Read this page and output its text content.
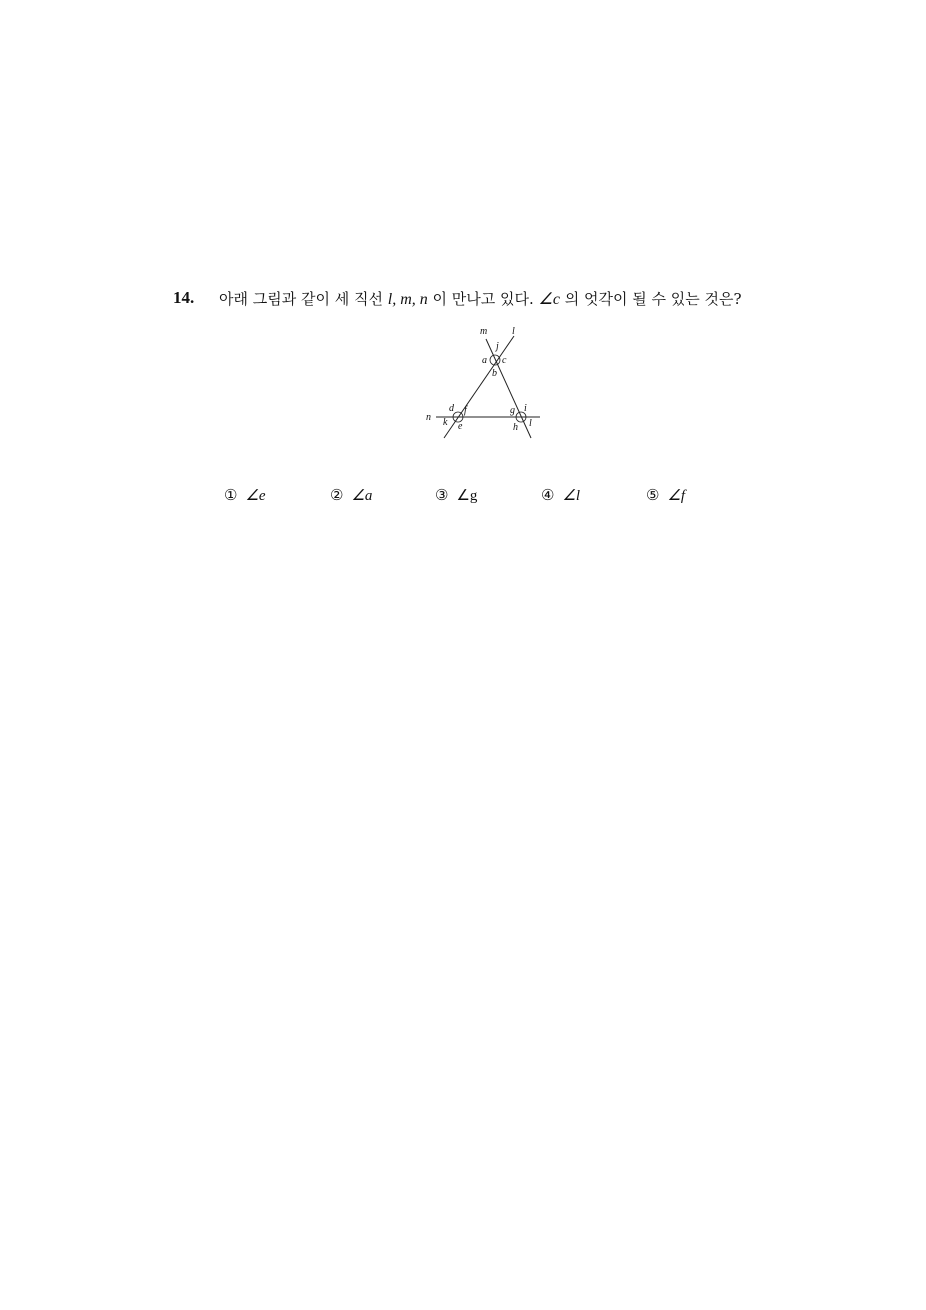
14. 아래 그림과 같이 세 직선 l, m, n 이 만나고 있다. ∠c 의 엇각이 될 수 있는 것은?
m l
n
j
a c
b
d f
k e
g i
h l
① ∠e	② ∠a	③ ∠g	④ ∠l	⑤ ∠f
